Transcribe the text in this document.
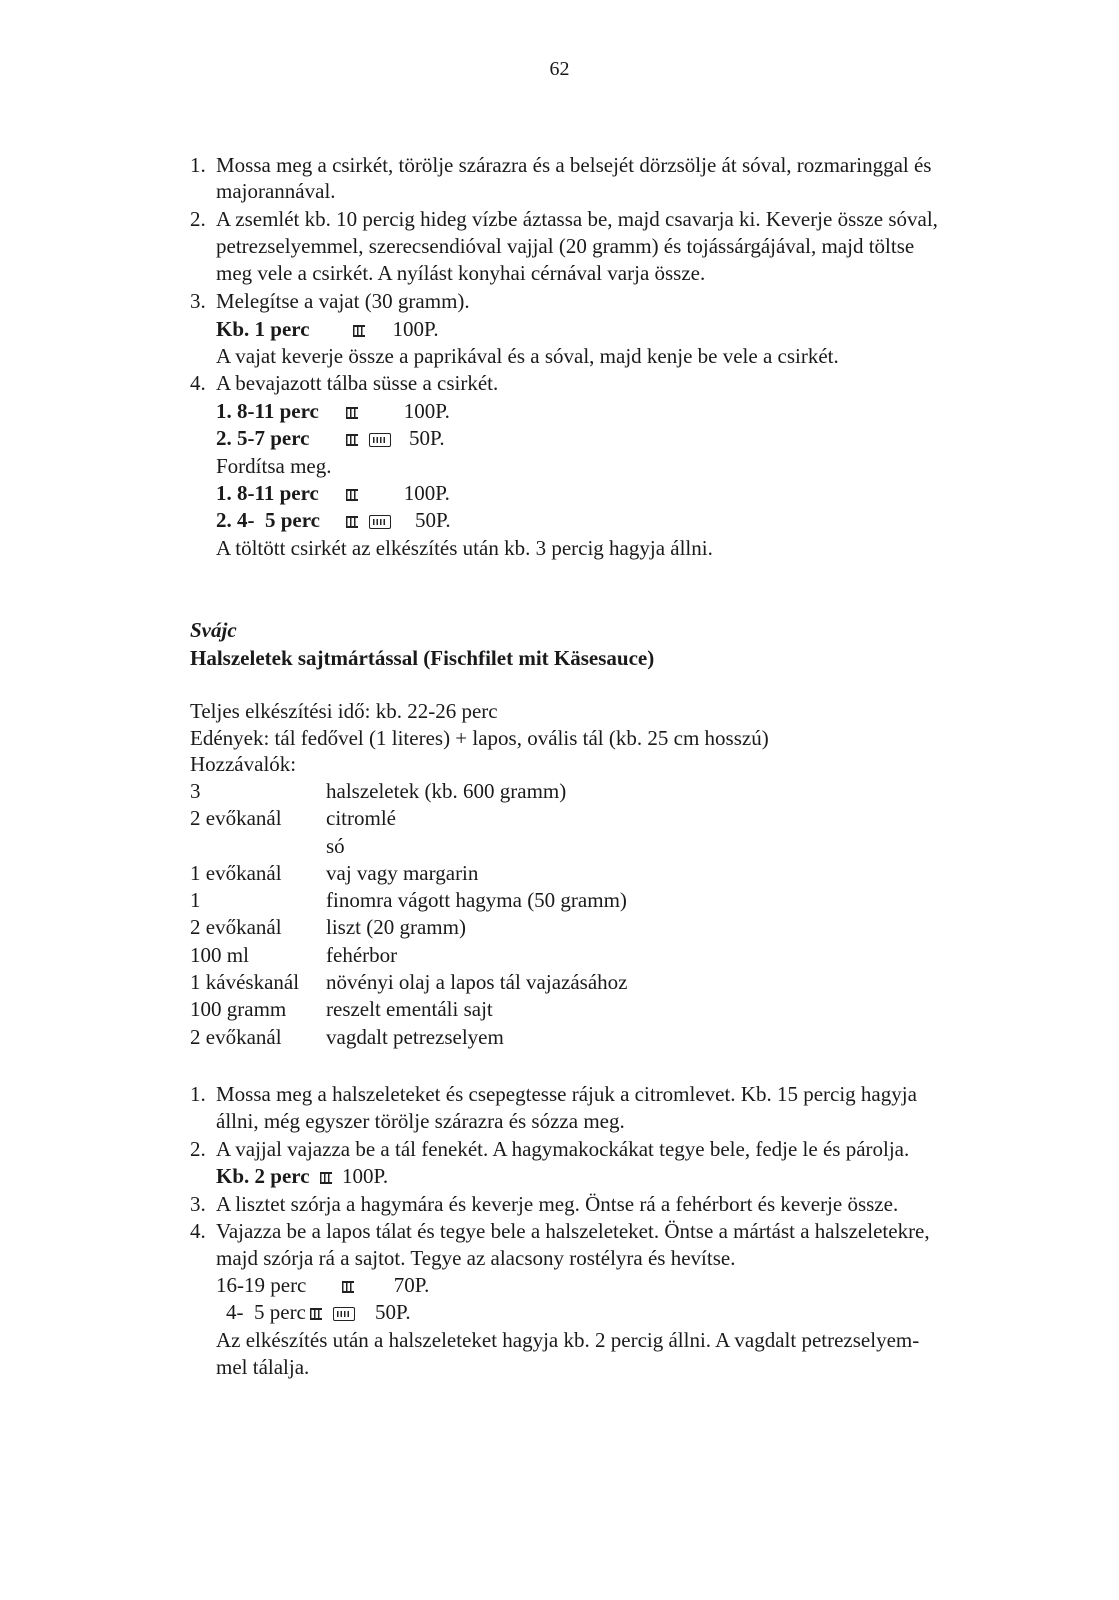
62
1. Mossa meg a csirkét, törölje szárazra és a belsejét dörzsölje át sóval, rozmaringgal és
majorannával.
2. A zsemlét kb. 10 percig hideg vízbe áztassa be, majd csavarja ki. Keverje össze sóval,
petrezselyemmel, szerecsendióval vajjal (20 gramm) és tojássárgájával, majd töltse
meg vele a csirkét. A nyílást konyhai cérnával varja össze.
3. Melegítse a vajat (30 gramm).
Kb. 1 perc	100P.
A vajat keverje össze a paprikával és a sóval, majd kenje be vele a csirkét.
4. A bevajazott tálba süsse a csirkét.
1. 8-11 perc	100P.
2. 5-7 perc	50P.
Fordítsa meg.
1. 8-11 perc	100P.
2. 4-  5 perc	50P.
A töltött csirkét az elkészítés után kb. 3 percig hagyja állni.
Svájc
Halszeletek sajtmártással (Fischfilet mit Käsesauce)
Teljes elkészítési idő: kb. 22-26 perc
Edények: tál fedővel (1 literes) + lapos, ovális tál (kb. 25 cm hosszú)
Hozzávalók:
3	halszeletek (kb. 600 gramm)
2 evőkanál citromlé
só
1 evőkanál vaj vagy margarin
1	finomra vágott hagyma (50 gramm)
2 evőkanál liszt (20 gramm)
100 ml	fehérbor
1 kávéskanál növényi olaj a lapos tál vajazásához
100 gramm reszelt ementáli sajt
2 evőkanál vagdalt petrezselyem
1. Mossa meg a halszeleteket és csepegtesse rájuk a citromlevet. Kb. 15 percig hagyja
állni, még egyszer törölje szárazra és sózza meg.
2. A vajjal vajazza be a tál fenekét. A hagymakockákat tegye bele, fedje le és párolja.
Kb. 2 perc 100P.
3. A lisztet szórja a hagymára és keverje meg. Öntse rá a fehérbort és keverje össze.
4. Vajazza be a lapos tálat és tegye bele a halszeleteket. Öntse a mártást a halszeletekre,
majd szórja rá a sajtot. Tegye az alacsony rostélyra és hevítse.
16-19 perc	70P.
4-  5 perc	50P.
Az elkészítés után a halszeleteket hagyja kb. 2 percig állni. A vagdalt petrezselyem-
mel tálalja.
